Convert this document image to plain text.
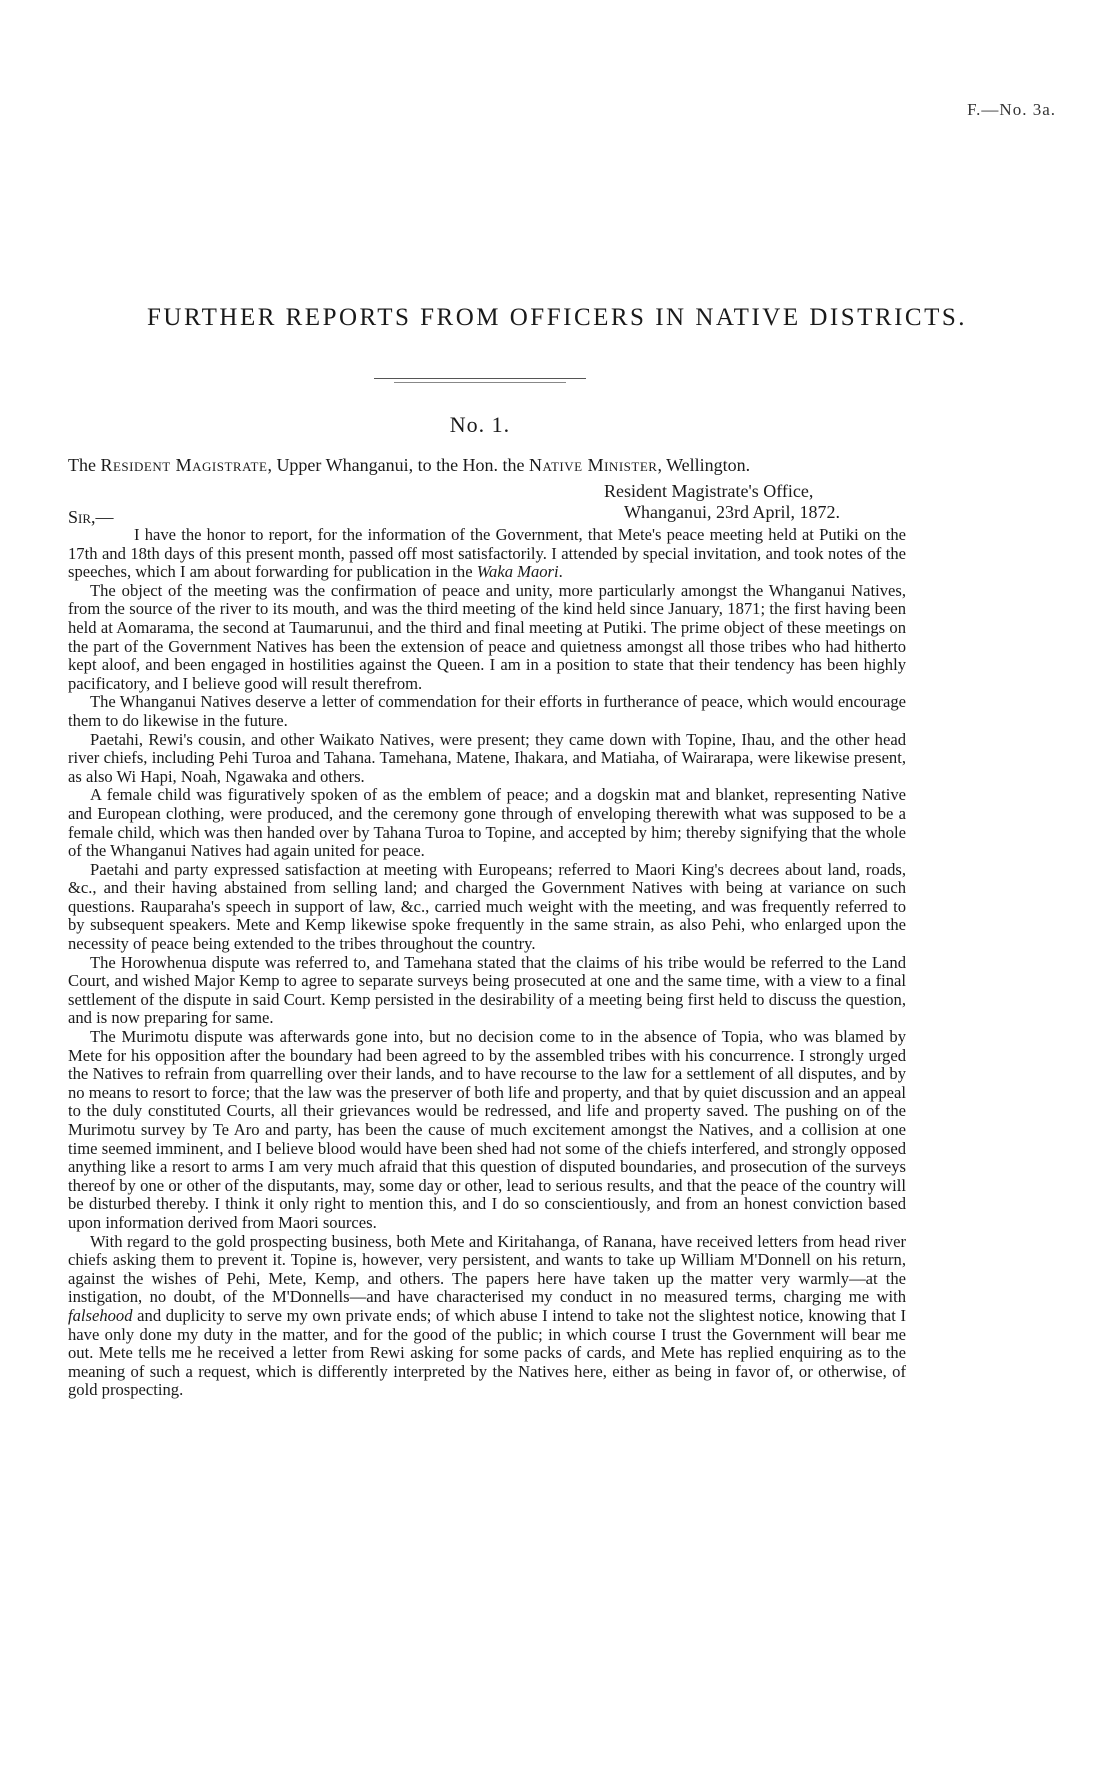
F.—No. 3a.
FURTHER REPORTS FROM OFFICERS IN NATIVE DISTRICTS.
No. 1.
The Resident Magistrate, Upper Whanganui, to the Hon. the Native Minister, Wellington.
Resident Magistrate's Office,
Whanganui, 23rd April, 1872.
Sir,—

I have the honor to report, for the information of the Government, that Mete's peace meeting held at Putiki on the 17th and 18th days of this present month, passed off most satisfactorily. I attended by special invitation, and took notes of the speeches, which I am about forwarding for publication in the Waka Maori.

The object of the meeting was the confirmation of peace and unity, more particularly amongst the Whanganui Natives, from the source of the river to its mouth, and was the third meeting of the kind held since January, 1871; the first having been held at Aomarama, the second at Taumarunui, and the third and final meeting at Putiki. The prime object of these meetings on the part of the Government Natives has been the extension of peace and quietness amongst all those tribes who had hitherto kept aloof, and been engaged in hostilities against the Queen. I am in a position to state that their tendency has been highly pacificatory, and I believe good will result therefrom.

The Whanganui Natives deserve a letter of commendation for their efforts in furtherance of peace, which would encourage them to do likewise in the future.

Paetahi, Rewi's cousin, and other Waikato Natives, were present; they came down with Topine, Ihau, and the other head river chiefs, including Pehi Turoa and Tahana. Tamehana, Matene, Ihakara, and Matiaha, of Wairarapa, were likewise present, as also Wi Hapi, Noah, Ngawaka and others.

A female child was figuratively spoken of as the emblem of peace; and a dogskin mat and blanket, representing Native and European clothing, were produced, and the ceremony gone through of enveloping therewith what was supposed to be a female child, which was then handed over by Tahana Turoa to Topine, and accepted by him; thereby signifying that the whole of the Whanganui Natives had again united for peace.

Paetahi and party expressed satisfaction at meeting with Europeans; referred to Maori King's decrees about land, roads, &c., and their having abstained from selling land; and charged the Government Natives with being at variance on such questions. Rauparaha's speech in support of law, &c., carried much weight with the meeting, and was frequently referred to by subsequent speakers. Mete and Kemp likewise spoke frequently in the same strain, as also Pehi, who enlarged upon the necessity of peace being extended to the tribes throughout the country.

The Horowhenua dispute was referred to, and Tamehana stated that the claims of his tribe would be referred to the Land Court, and wished Major Kemp to agree to separate surveys being prosecuted at one and the same time, with a view to a final settlement of the dispute in said Court. Kemp persisted in the desirability of a meeting being first held to discuss the question, and is now preparing for same.

The Murimotu dispute was afterwards gone into, but no decision come to in the absence of Topia, who was blamed by Mete for his opposition after the boundary had been agreed to by the assembled tribes with his concurrence. I strongly urged the Natives to refrain from quarrelling over their lands, and to have recourse to the law for a settlement of all disputes, and by no means to resort to force; that the law was the preserver of both life and property, and that by quiet discussion and an appeal to the duly constituted Courts, all their grievances would be redressed, and life and property saved. The pushing on of the Murimotu survey by Te Aro and party, has been the cause of much excitement amongst the Natives, and a collision at one time seemed imminent, and I believe blood would have been shed had not some of the chiefs interfered, and strongly opposed anything like a resort to arms I am very much afraid that this question of disputed boundaries, and prosecution of the surveys thereof by one or other of the disputants, may, some day or other, lead to serious results, and that the peace of the country will be disturbed thereby. I think it only right to mention this, and I do so conscientiously, and from an honest conviction based upon information derived from Maori sources.

With regard to the gold prospecting business, both Mete and Kiritahanga, of Ranana, have received letters from head river chiefs asking them to prevent it. Topine is, however, very persistent, and wants to take up William M'Donnell on his return, against the wishes of Pehi, Mete, Kemp, and others. The papers here have taken up the matter very warmly—at the instigation, no doubt, of the M'Donnells—and have characterised my conduct in no measured terms, charging me with falsehood and duplicity to serve my own private ends; of which abuse I intend to take not the slightest notice, knowing that I have only done my duty in the matter, and for the good of the public; in which course I trust the Government will bear me out. Mete tells me he received a letter from Rewi asking for some packs of cards, and Mete has replied enquiring as to the meaning of such a request, which is differently interpreted by the Natives here, either as being in favor of, or otherwise, of gold prospecting.
